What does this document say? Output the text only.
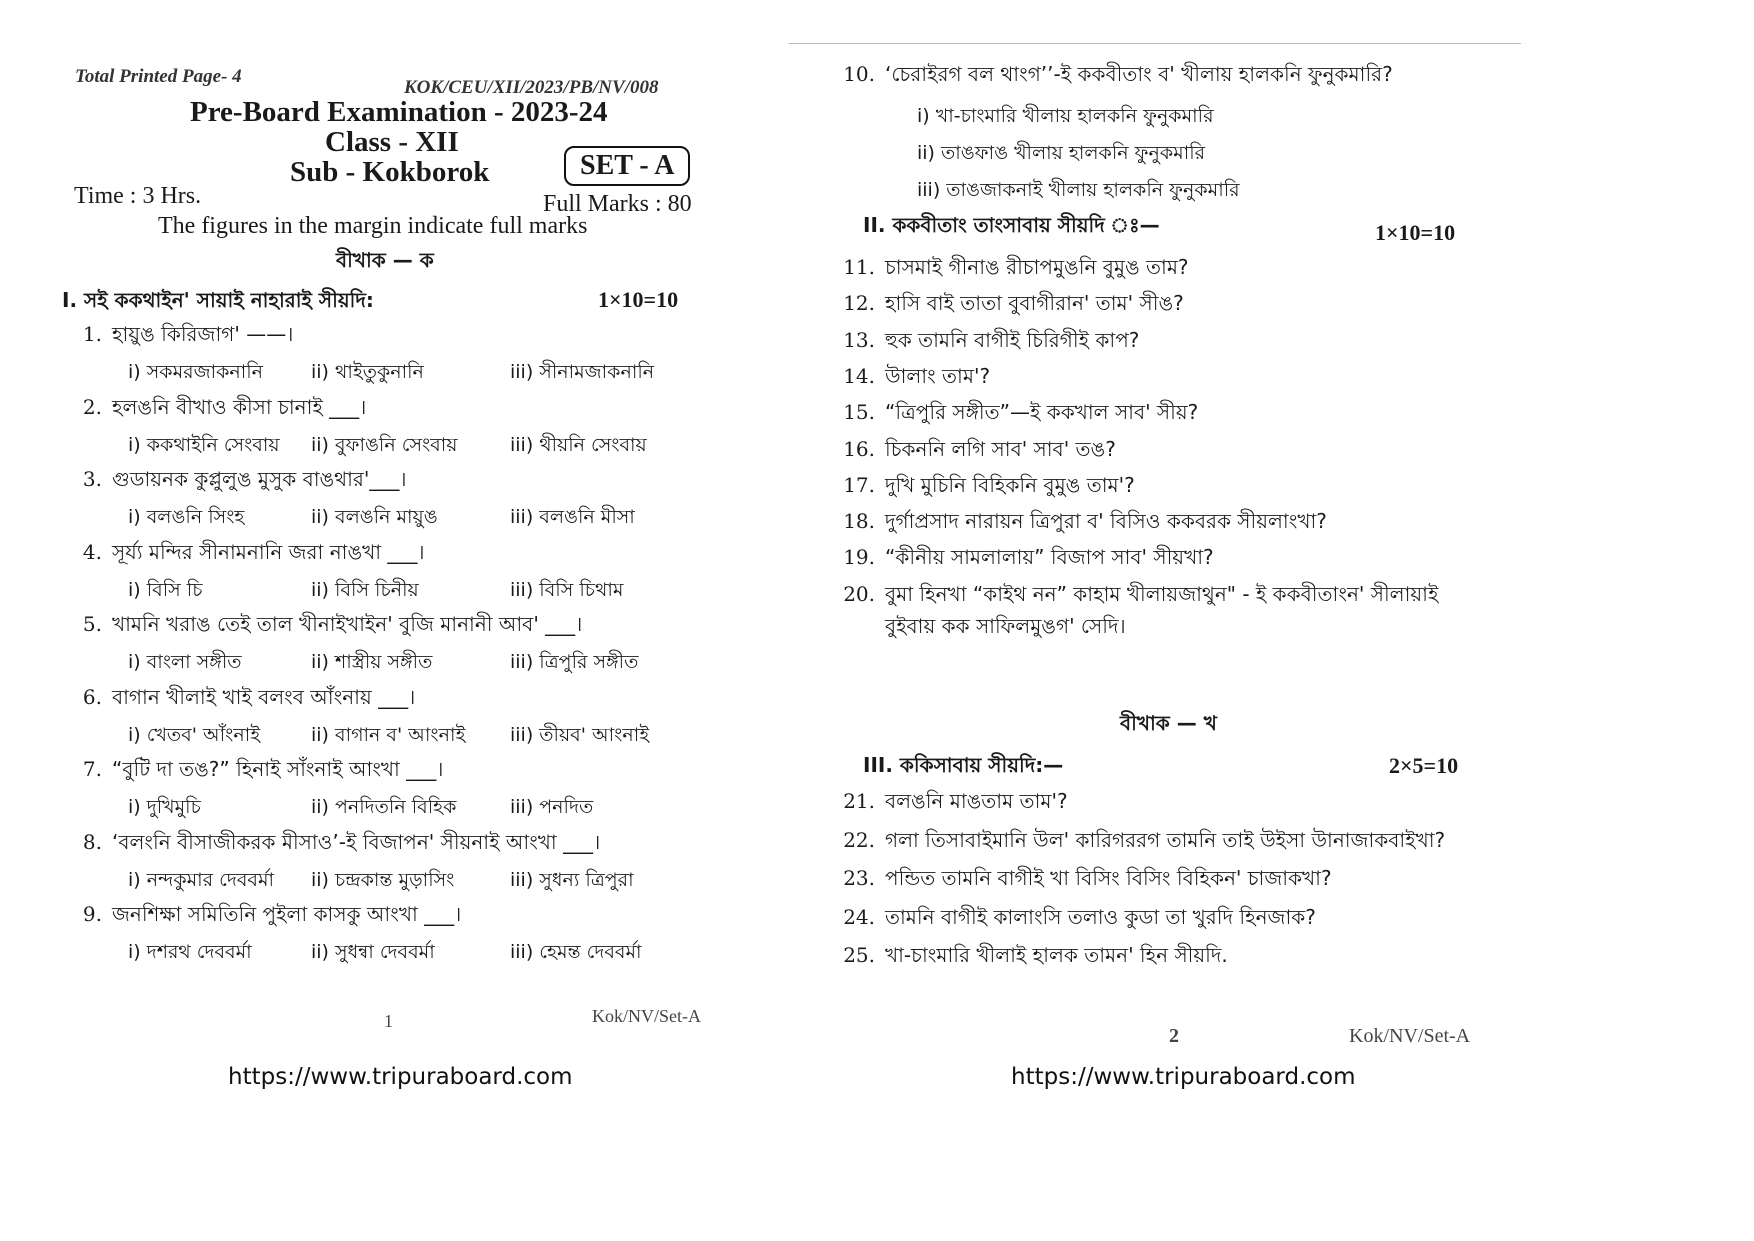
Total Printed Page- 4
KOK/CEU/XII/2023/PB/NV/008
Pre-Board Examination - 2023-24
Class - XII
Sub - Kokborok	SET - A
Time : 3 Hrs.	Full Marks : 80
The figures in the margin indicate full marks
বীখাক — ক
I. সই ককথাইন' সায়াই নাহারাই সীয়দি:	1×10=10
1. হায়ুঙ কিরিজাগ' ——।
i) সকমরজাকনানি	ii) থাইতুকুনানি	iii) সীনামজাকনানি
2. হলঙনি বীখাও কীসা চানাই ___।
i) ককথাইনি সেংবায় ii) বুফাঙনি সেংবায়	iii) থীয়নি সেংবায়
3. গুডায়নক কুপ্লুলুঙ মুসুক বাঙথার'___।
i) বলঙনি সিংহ	ii) বলঙনি মায়ুঙ	iii) বলঙনি মীসা
4. সূর্য্য মন্দির সীনামনানি জরা নাঙখা ___।
i) বিসি চি	ii) বিসি চিনীয়	iii) বিসি চিথাম
5. খামনি খরাঙ তেই তাল খীনাইখাইন' বুজি মানানী আব' ___।
i) বাংলা সঙ্গীত	ii) শাস্ত্রীয় সঙ্গীত	iii) ত্রিপুরি সঙ্গীত
6. বাগান খীলাই খাই বলংব আঁংনায় ___।
i) খেতব' আঁংনাই	ii) বাগান ব' আংনাই iii) তীয়ব' আংনাই
7. “বুটি দা তঙ?” হিনাই সাঁংনাই আংখা ___।
i) দুখিমুচি	ii) পনদিতনি বিহিক	iii) পনদিত
8. ‘বলংনি বীসাজীকরক মীসাও’-ই বিজাপন' সীয়নাই আংখা ___।
i) নন্দকুমার দেববর্মা ii) চন্দ্রকান্ত মুড়াসিং	iii) সুধন্য ত্রিপুরা
9. জনশিক্ষা সমিতিনি পুইলা কাসকু আংখা ___।
i) দশরথ দেববর্মা	ii) সুধন্বা দেববর্মা	iii) হেমন্ত দেববর্মা
1	Kok/NV/Set-A
https://www.tripuraboard.com
10. ‘চেরাইরগ বল থাংগ’’-ই ককবীতাং ব' খীলায় হালকনি ফুনুকমারি?
i) খা-চাংমারি খীলায় হালকনি ফুনুকমারি
ii) তাঙফাঙ খীলায় হালকনি ফুনুকমারি
iii) তাঙজাকনাই খীলায় হালকনি ফুনুকমারি
II. ককবীতাং তাংসাবায় সীয়দি ঃ—	1×10=10
11. চাসমাই গীনাঙ রীচাপমুঙনি বুমুঙ তাম?
12. হাসি বাই তাতা বুবাগীরান' তাম' সীঙ?
13. হুক তামনি বাগীই চিরিগীই কাপ?
14. উালাং তাম'?
15. “ত্রিপুরি সঙ্গীত”—ই ককখাল সাব' সীয়?
16. চিকননি লগি সাব' সাব' তঙ?
17. দুখি মুচিনি বিহিকনি বুমুঙ তাম'?
18. দুর্গাপ্রসাদ নারায়ন ত্রিপুরা ব' বিসিও ককবরক সীয়লাংখা?
19. “কীনীয় সামলালায়” বিজাপ সাব' সীয়খা?
20. বুমা হিনখা “কাইথ নন” কাহাম খীলায়জাথুন" - ই ককবীতাংন' সীলায়াই
বুইবায় কক সাফিলমুঙগ' সেদি।
বীখাক — খ
III. ককিসাবায় সীয়দি:—	2×5=10
21. বলঙনি মাঙতাম তাম'?
22. গলা তিসাবাইমানি উল' কারিগররগ তামনি তাই উইসা উানাজাকবাইখা?
23. পন্ডিত তামনি বাগীই খা বিসিং বিসিং বিহিকন' চাজাকখা?
24. তামনি বাগীই কালাংসি তলাও কুডা তা খুরদি হিনজাক?
25. খা-চাংমারি খীলাই হালক তামন' হিন সীয়দি.
2	Kok/NV/Set-A
https://www.tripuraboard.com
